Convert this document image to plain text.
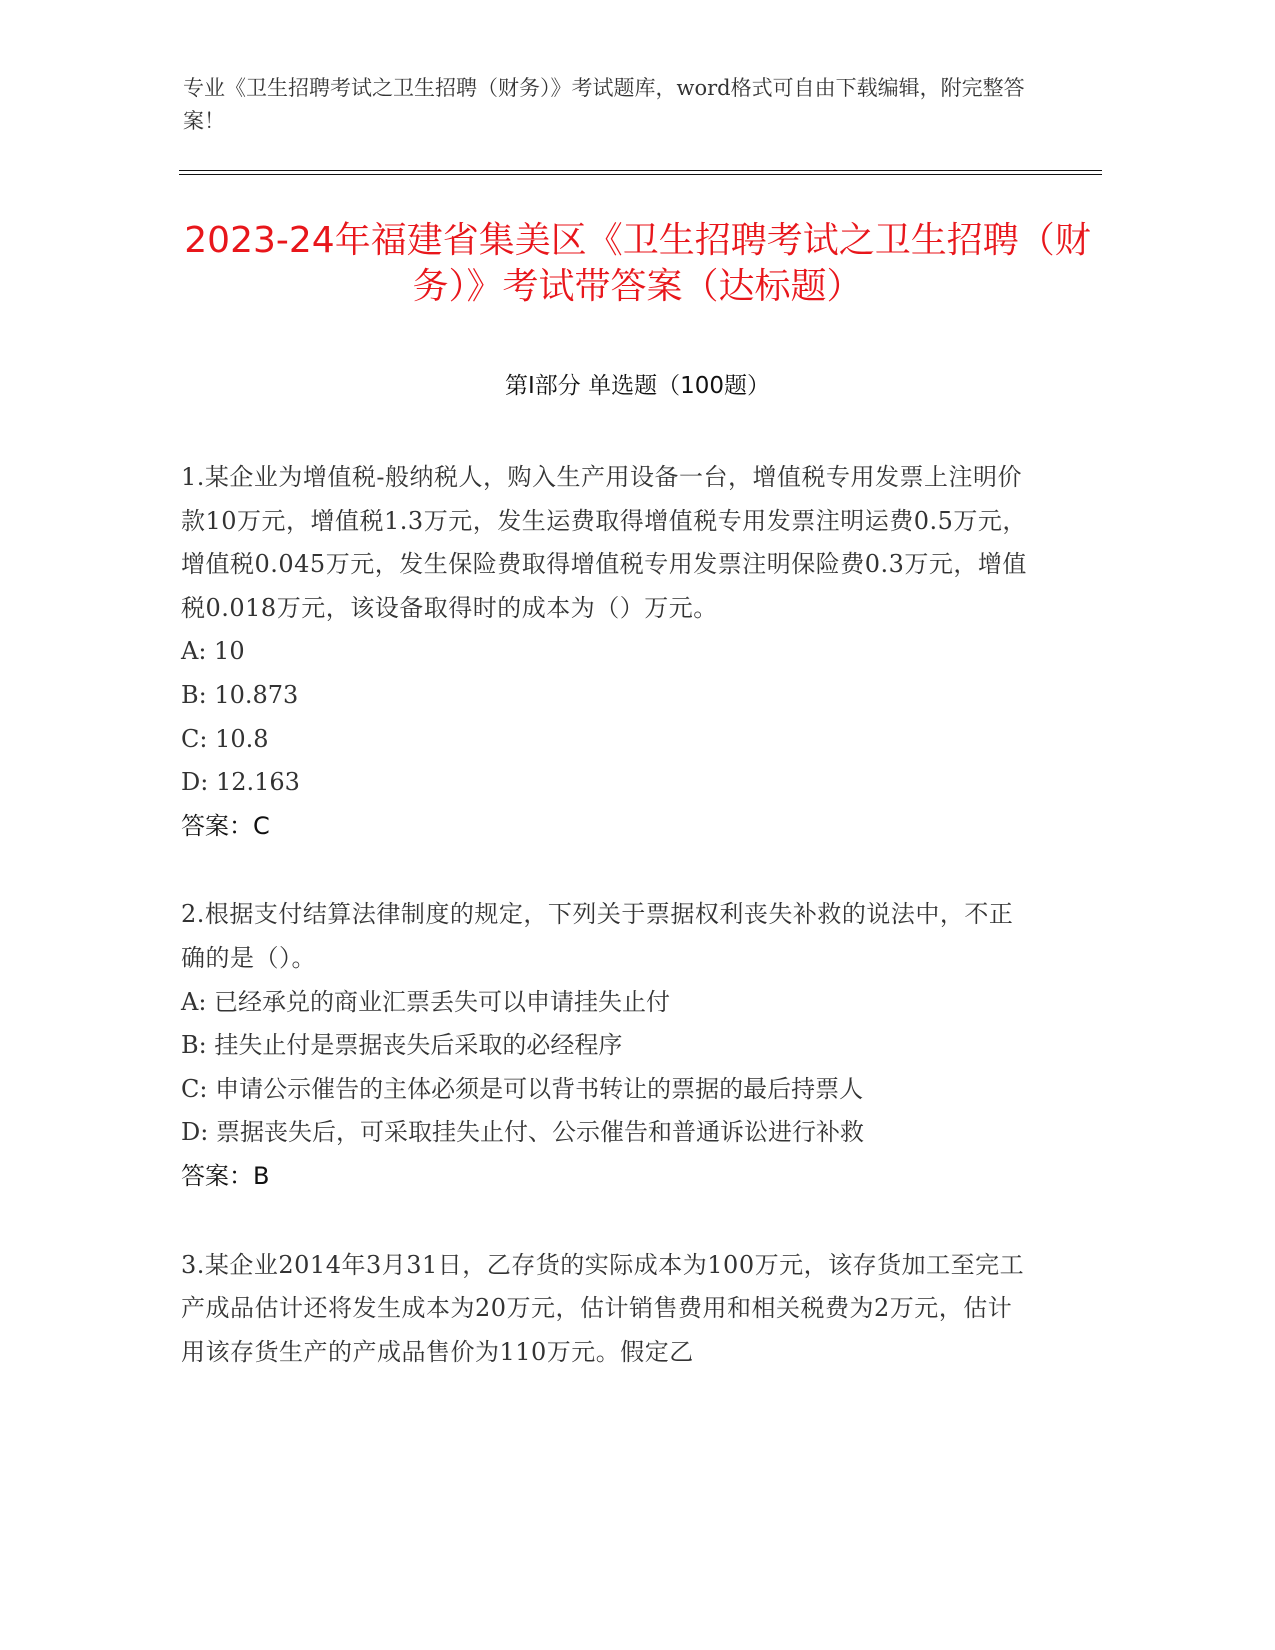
专业《卫生招聘考试之卫生招聘（财务）》考试题库，word格式可自由下载编辑，附完整答案！
2023-24年福建省集美区《卫生招聘考试之卫生招聘（财务）》考试带答案（达标题）
第Ⅰ部分 单选题（100题）

1.某企业为增值税-般纳税人，购入生产用设备一台，增值税专用发票上注明价款10万元，增值税1.3万元，发生运费取得增值税专用发票注明运费0.5万元，增值税0.045万元，发生保险费取得增值税专用发票注明保险费0.3万元，增值税0.018万元，该设备取得时的成本为（）万元。

A: 10

B: 10.873

C: 10.8

D: 12.163

答案：C

2.根据支付结算法律制度的规定，下列关于票据权利丧失补救的说法中，不正确的是（）。

A: 已经承兑的商业汇票丢失可以申请挂失止付

B: 挂失止付是票据丧失后采取的必经程序

C: 申请公示催告的主体必须是可以背书转让的票据的最后持票人

D: 票据丧失后，可采取挂失止付、公示催告和普通诉讼进行补救

答案：B

3.某企业2014年3月31日，乙存货的实际成本为100万元，该存货加工至完工产成品估计还将发生成本为20万元，估计销售费用和相关税费为2万元，估计用该存货生产的产成品售价为110万元。假定乙
